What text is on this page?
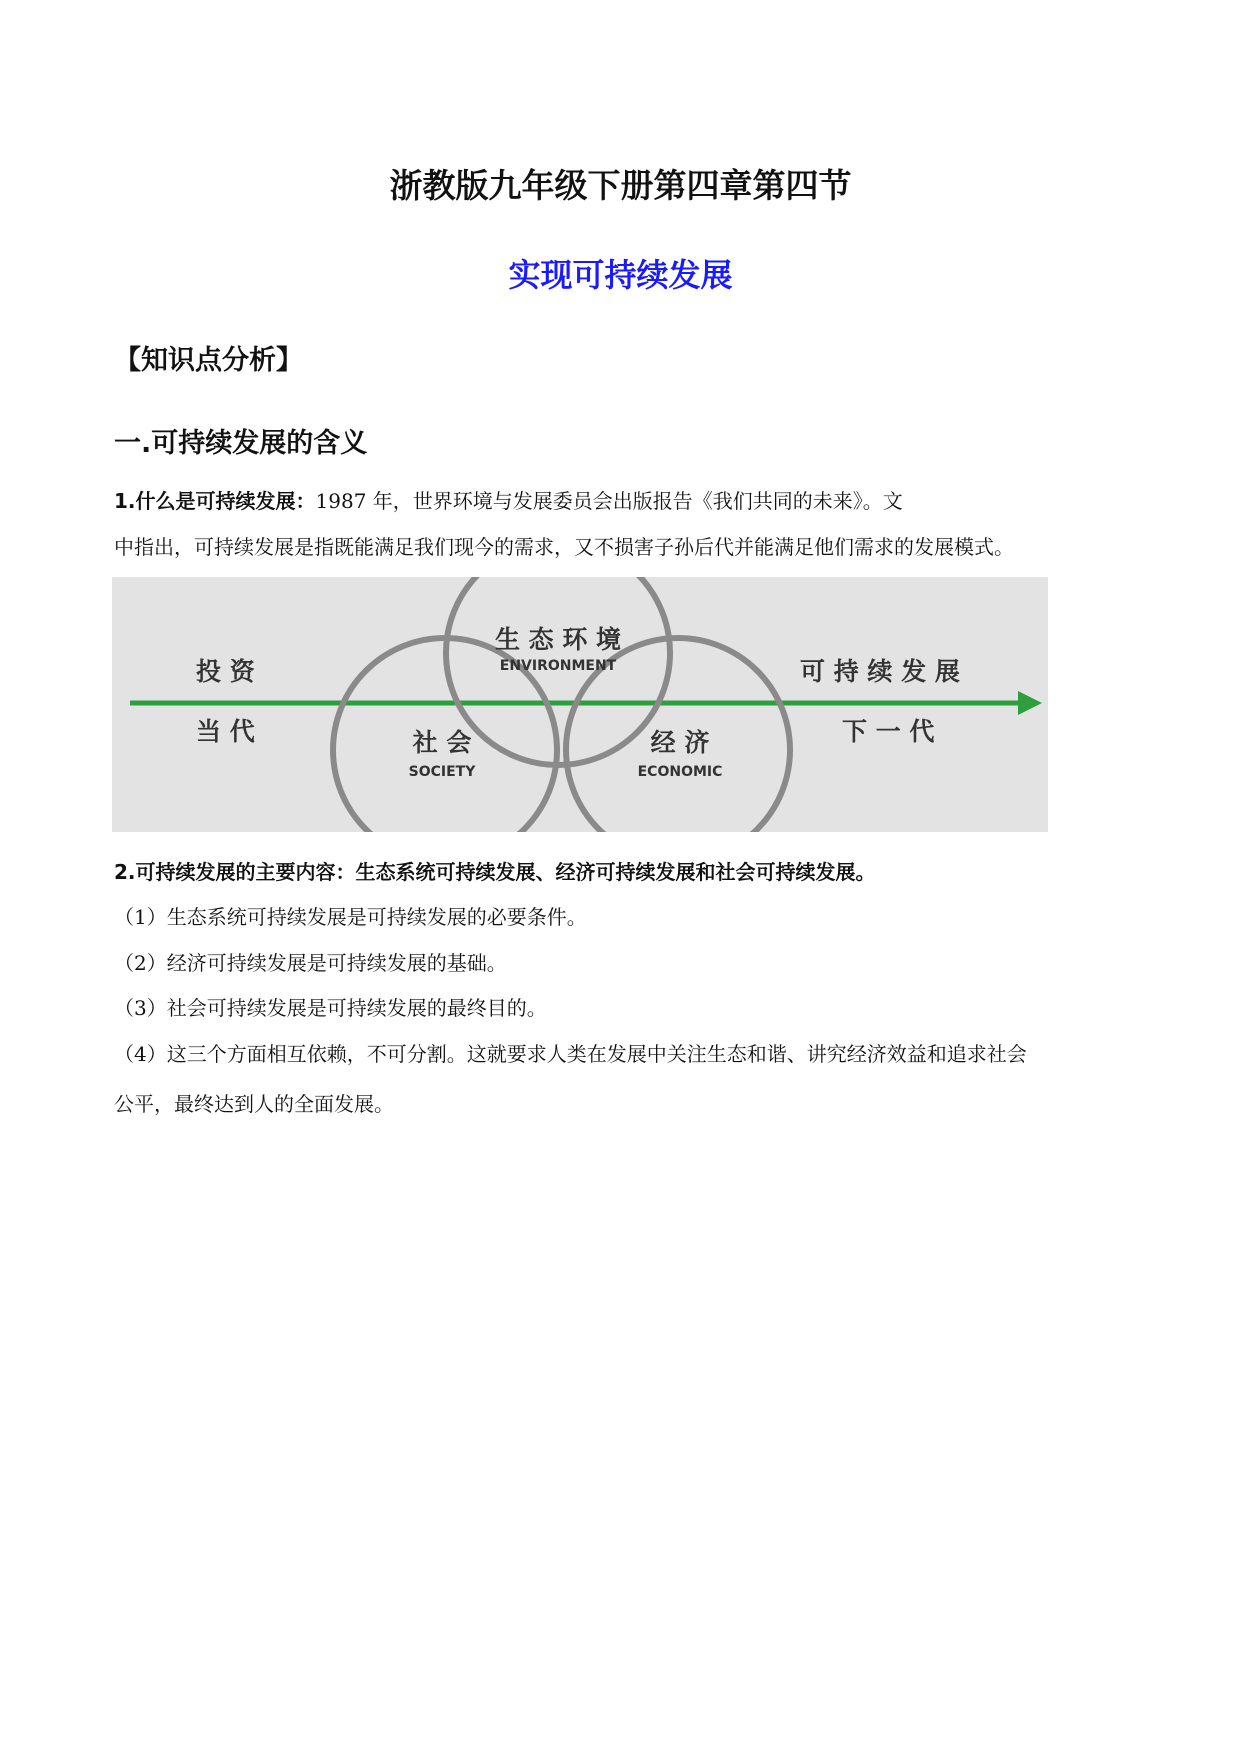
浙教版九年级下册第四章第四节
实现可持续发展
【知识点分析】
一.可持续发展的含义
1.什么是可持续发展：1987 年，世界环境与发展委员会出版报告《我们共同的未来》。文
中指出，可持续发展是指既能满足我们现今的需求，又不损害子孙后代并能满足他们需求的发展模式。
生 态 环 境
ENVIRONMENT
社 会
SOCIETY
经 济
ECONOMIC
投 资
当 代
可 持 续 发 展
下 一 代
2.可持续发展的主要内容：生态系统可持续发展、经济可持续发展和社会可持续发展。
（1）生态系统可持续发展是可持续发展的必要条件。
（2）经济可持续发展是可持续发展的基础。
（3）社会可持续发展是可持续发展的最终目的。
（4）这三个方面相互依赖，不可分割。这就要求人类在发展中关注生态和谐、讲究经济效益和追求社会
公平，最终达到人的全面发展。
